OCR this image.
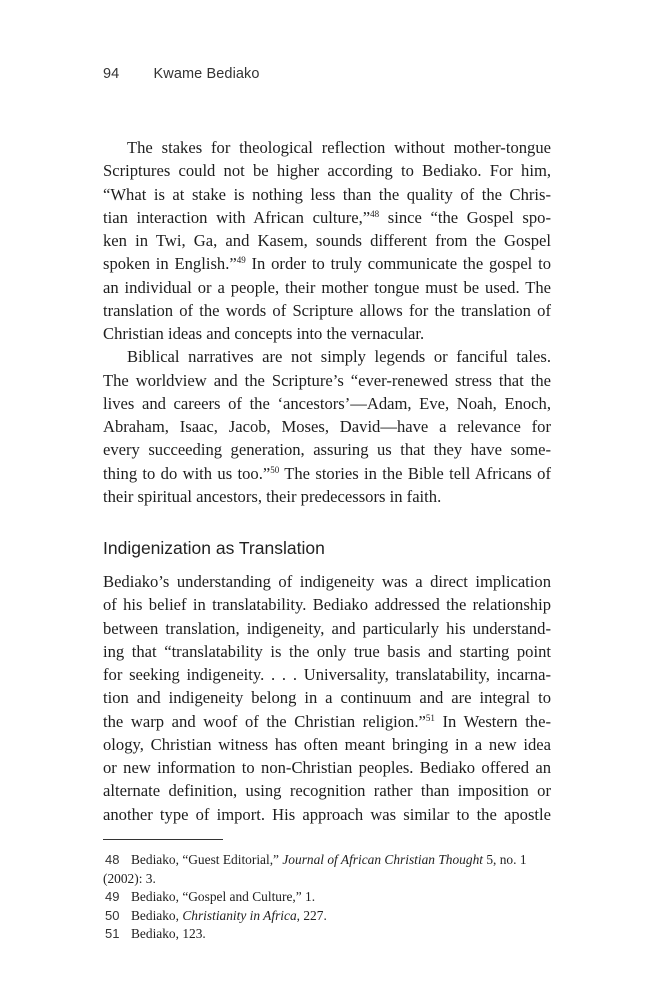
94 Kwame Bediako
The stakes for theological reflection without mother-tongue
Scriptures could not be higher according to Bediako. For him,
“What is at stake is nothing less than the quality of the Chris-
tian interaction with African culture,”$^{48}$ since “the Gospel spo-
ken in Twi, Ga, and Kasem, sounds different from the Gospel
spoken in English.”$^{49}$ In order to truly communicate the gospel to
an individual or a people, their mother tongue must be used. The
translation of the words of Scripture allows for the translation of
Christian ideas and concepts into the vernacular.
Biblical narratives are not simply legends or fanciful tales.
The worldview and the Scripture’s “ever-renewed stress that the
lives and careers of the ‘ancestors’—Adam, Eve, Noah, Enoch,
Abraham, Isaac, Jacob, Moses, David—have a relevance for
every succeeding generation, assuring us that they have some-
thing to do with us too.”$^{50}$ The stories in the Bible tell Africans of
their spiritual ancestors, their predecessors in faith.
Indigenization as Translation
Bediako’s understanding of indigeneity was a direct implication
of his belief in translatability. Bediako addressed the relationship
between translation, indigeneity, and particularly his understand-
ing that “translatability is the only true basis and starting point
for seeking indigeneity. . . . Universality, translatability, incarna-
tion and indigeneity belong in a continuum and are integral to
the warp and woof of the Christian religion.”$^{51}$ In Western the-
ology, Christian witness has often meant bringing in a new idea
or new information to non-Christian peoples. Bediako offered an
alternate definition, using recognition rather than imposition or
another type of import. His approach was similar to the apostle
48 Bediako, “Guest Editorial,” Journal of African Christian Thought 5, no. 1
(2002): 3.
49 Bediako, “Gospel and Culture,” 1.
50 Bediako, Christianity in Africa, 227.
51 Bediako, 123.
